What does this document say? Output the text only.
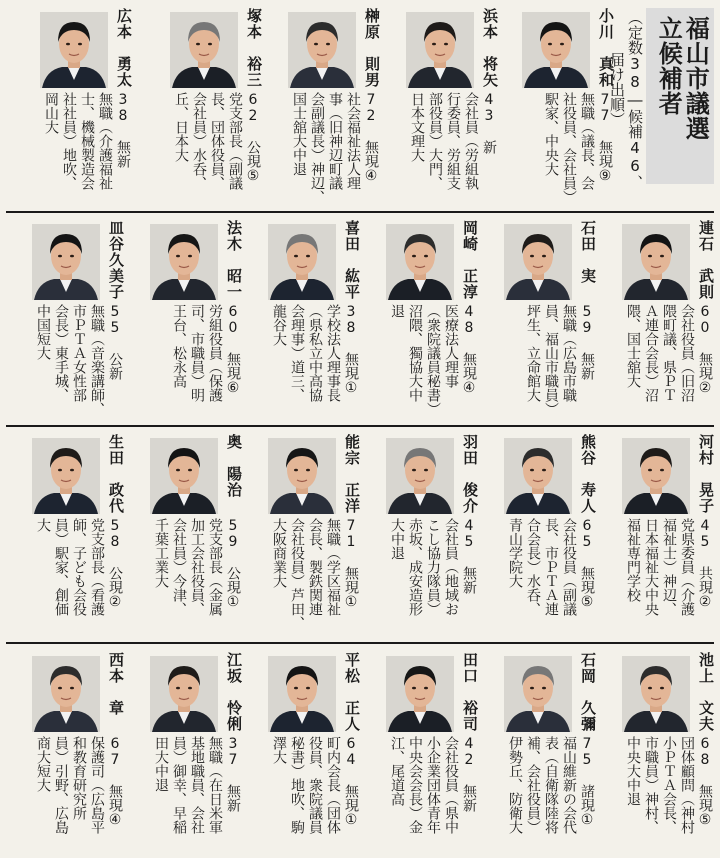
福山市議選
立候補者
（定数38―候補46、
届け出順）
小川　真和
77 無現⑨
無職（議長、会
社役員、会社員）
駅家、中央大
浜本　将矢
43 新
会社員（労組執
行委員、労組支
部役員）大門、
日本文理大
榊原　則男
72 無現④
社会福祉法人理
事（旧神辺町議
会副議長）神辺、
国士舘大中退
塚本　裕三
62 公現⑤
党支部長（副議
長、団体役員、
会社員）水呑、
丘、日本大
広本　勇太
38 無新
無職（介護福祉
士、機械製造会
社社員）地吹、
岡山大
連石　武則
60 無現②
会社役員（旧沼
隈町議、県ＰＴ
Ａ連合会長）沼
隈、国士舘大
石田　実
59 無新
無職（広島市職
員、福山市職員）
坪生、立命館大
岡崎　正淳
48 無現④
医療法人理事
（衆院議員秘書）
沼隈、獨協大中
退
喜田　紘平
38 無現①
学校法人理事長
（県私立中高協
会理事）道三、
龍谷大
法木　昭一
60 無現⑥
労組役員（保護
司、市職員）明
王台、松永高
皿谷久美子
55 公新
無職（音楽講師、
市ＰＴＡ女性部
会長）東手城、
中国短大
河村　晃子
45 共現②
党県委員（介護
福祉士）神辺、
日本福祉大中央
福祉専門学校
熊谷　寿人
65 無現⑤
会社役員（副議
長、市ＰＴＡ連
合会長）水呑、
青山学院大
羽田　俊介
45 無新
会社員（地域お
こし協力隊員）
赤坂、成安造形
大中退
能宗　正洋
71 無現①
無職（学区福祉
会長、製鉄関連
会社役員）芦田、
大阪商業大
奥　陽治
59 公現①
党支部長（金属
加工会社役員、
会社員）今津、
千葉工業大
生田　政代
58 公現②
党支部長（看護
師、子ども会役
員）駅家、創価
大
池上　文夫
68 無現⑤
団体顧問（神村
小ＰＴＡ会長、
市職員）神村、
中央大中退
石岡　久彌
75 諸現①
福山維新の会代
表（自衛隊陸将
補、会社役員）
伊勢丘、防衛大
田口　裕司
42 無新
会社役員（県中
小企業団体青年
中央会会長）金
江、尾道高
平松　正人
64 無現①
町内会長（団体
役員、衆院議員
秘書）地吹、駒
澤大
江坂　怜俐
37 無新
無職（在日米軍
基地職員、会社
員）御幸、早稲
田大中退
西本　章
67 無現④
保護司（広島平
和教育研究所
員）引野、広島
商大短大
